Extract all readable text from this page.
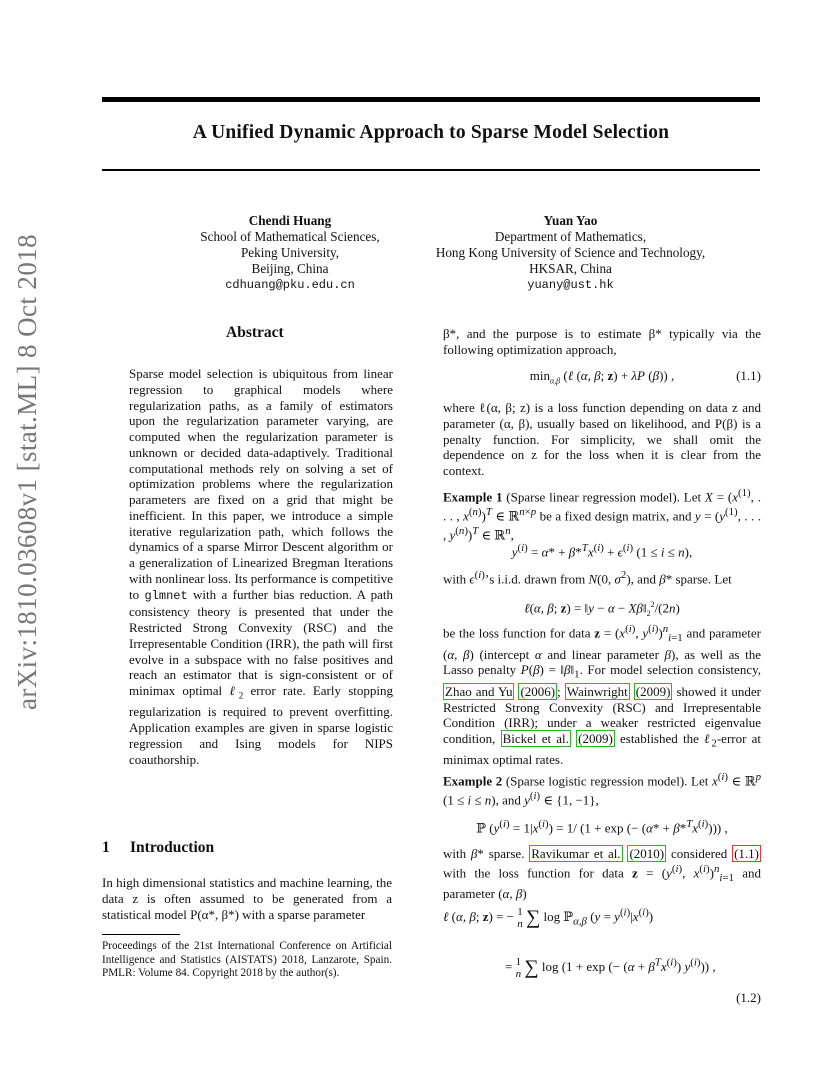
A Unified Dynamic Approach to Sparse Model Selection
arXiv:1810.03608v1 [stat.ML] 8 Oct 2018
Chendi Huang
School of Mathematical Sciences,
Peking University,
Beijing, China
cdhuang@pku.edu.cn
Yuan Yao
Department of Mathematics,
Hong Kong University of Science and Technology,
HKSAR, China
yuany@ust.hk
Abstract
Sparse model selection is ubiquitous from linear regression to graphical models where regularization paths, as a family of estimators upon the regularization parameter varying, are computed when the regularization parameter is unknown or decided data-adaptively. Traditional computational methods rely on solving a set of optimization problems where the regularization parameters are fixed on a grid that might be inefficient. In this paper, we introduce a simple iterative regularization path, which follows the dynamics of a sparse Mirror Descent algorithm or a generalization of Linearized Bregman Iterations with nonlinear loss. Its performance is competitive to glmnet with a further bias reduction. A path consistency theory is presented that under the Restricted Strong Convexity (RSC) and the Irrepresentable Condition (IRR), the path will first evolve in a subspace with no false positives and reach an estimator that is sign-consistent or of minimax optimal ℓ$_2$ error rate. Early stopping regularization is required to prevent overfitting. Application examples are given in sparse logistic regression and Ising models for NIPS coauthorship.
1 Introduction
In high dimensional statistics and machine learning, the data z is often assumed to be generated from a statistical model P(α*, β*) with a sparse parameter
Proceedings of the 21st International Conference on Artificial Intelligence and Statistics (AISTATS) 2018, Lanzarote, Spain. PMLR: Volume 84. Copyright 2018 by the author(s).
β*, and the purpose is to estimate β* typically via the following optimization approach,
$\min_{\alpha,\beta}$ (ℓ (α, β; z) + λP (β)) ,	(1.1)
where ℓ(α, β; z) is a loss function depending on data z and parameter (α, β), usually based on likelihood, and P(β) is a penalty function. For simplicity, we shall omit the dependence on z for the loss when it is clear from the context.
Example 1 (Sparse linear regression model). Let $X = (x^{(1)}$, . . . , $x^{(n)})^T$ ∈ ℝ$^{n\times p}$ be a fixed design matrix, and $y = (y^{(1)}$, . . . , $y^{(n)})^T$ ∈ ℝ$^n$,
$y^{(i)} = \alpha* + \beta*^Tx^{(i)} + \epsilon^{(i)}$ (1 ≤ i ≤ n),
with $\epsilon^{(i)}’s$ i.i.d. drawn from N(0, $\sigma^2$), and β* sparse. Let
ℓ(α, β; z) = ‖y − $\alpha - X\beta‖_2^2/(2n)$
be the loss function for data $z = (x^{(i)}$, $y^{(i)})^n_{i=1}$ and parameter (α, β) (intercept α and linear parameter β), as well as the Lasso penalty $P(\beta) = ‖\beta‖_1$. For model selection consistency, Zhao and Yu (2006) ; Wainwright (2009) showed it under Restricted Strong Convexity (RSC) and Irrepresentable Condition (IRR); under a weaker restricted eigenvalue condition, Bickel et al. (2009) established the ℓ$_2$-error at minimax optimal rates.
Example 2 (Sparse logistic regression model). Let $x^{(i)}$ ∈ ℝ$^p$ (1 ≤ i ≤ n), and $y^{(i)}$ ∈ {1, −1},
ℙ $(y^{(i)} = 1|x^{(i)}) = 1/$ (1 + exp (− $(\alpha* + \beta*^Tx^{(i)})$)) ,
with β* sparse. Ravikumar et al. (2010) considered (1.1) with the loss function for data $z = (y^{(i)}$, $x^{(i)})^n_{i=1}$ and parameter (α, β)
ℓ (α, β; z) = − 1
n ∑ log ℙ$_{\alpha,\beta}$ $(y = y^{(i)}|x^{(i)})$
= 1
n ∑ log (1 + exp (− $(\alpha + \beta^Tx^{(i)})$ $y^{(i)}$)) ,
(1.2)
